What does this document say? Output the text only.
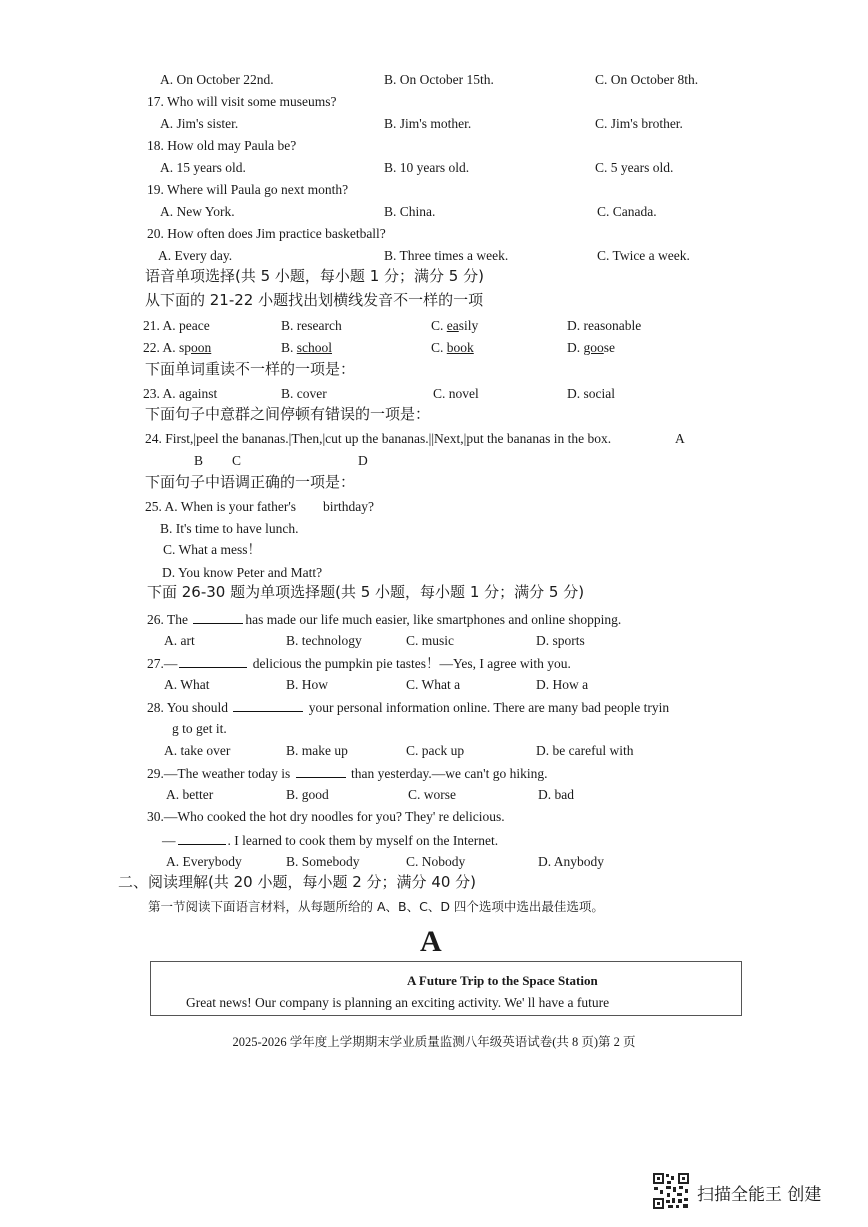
A. On October 22nd.	B. On October 15th.	C. On October 8th.
17. Who will visit some museums?
A. Jim's sister.	B. Jim's mother.	C. Jim's brother.
18. How old may Paula be?
A. 15 years old.	B. 10 years old.	C. 5 years old.
19. Where will Paula go next month?
A. New York.	B. China.	C. Canada.
20. How often does Jim practice basketball?
A. Every day.	B. Three times a week.	C. Twice a week.
语音单项选择(共 5 小题，每小题 1 分；满分 5 分)
从下面的 21-22 小题找出划横线发音不一样的一项
21. A. peace	B. research	C. easily	D. reasonable
22. A. spoon	B. school	C. book	D. goose
下面单词重读不一样的一项是：
23. A. against	B. cover	C. novel	D. social
下面句子中意群之间停顿有错误的一项是：
24. First,|peel the bananas.|Then,|cut up the bananas.||Next,|put the bananas in the box.	A
B C	D
下面句子中语调正确的一项是：
25. A. When is your father's birthday?
B. It's time to have lunch.
C. What a mess！
D. You know Peter and Matt?
下面 26-30 题为单项选择题(共 5 小题，每小题 1 分；满分 5 分)
26. The	has made our life much easier, like smartphones and online shopping.
A. art	B. technology	C. music	D. sports
27.—	delicious the pumpkin pie tastes！—Yes, I agree with you.
A. What	B. How	C. What a	D. How a
28. You should	your personal information online. There are many bad people tryin
g to get it.
A. take over	B. make up	C. pack up	D. be careful with
29.—The weather today is	than yesterday.—we can't go hiking.
A. better	B. good	C. worse	D. bad
30.—Who cooked the hot dry noodles for you? They' re delicious.
—	. I learned to cook them by myself on the Internet.
A. Everybody	B. Somebody	C. Nobody	D. Anybody
二、阅读理解(共 20 小题，每小题 2 分；满分 40 分)
第一节阅读下面语言材料，从每题所给的 A、B、C、D 四个选项中选出最佳选项。
A
A Future Trip to the Space Station
Great news! Our company is planning an exciting activity. We' ll have a future
2025-2026 学年度上学期期末学业质量监测八年级英语试卷(共 8 页)第 2 页
扫描全能王 创建
